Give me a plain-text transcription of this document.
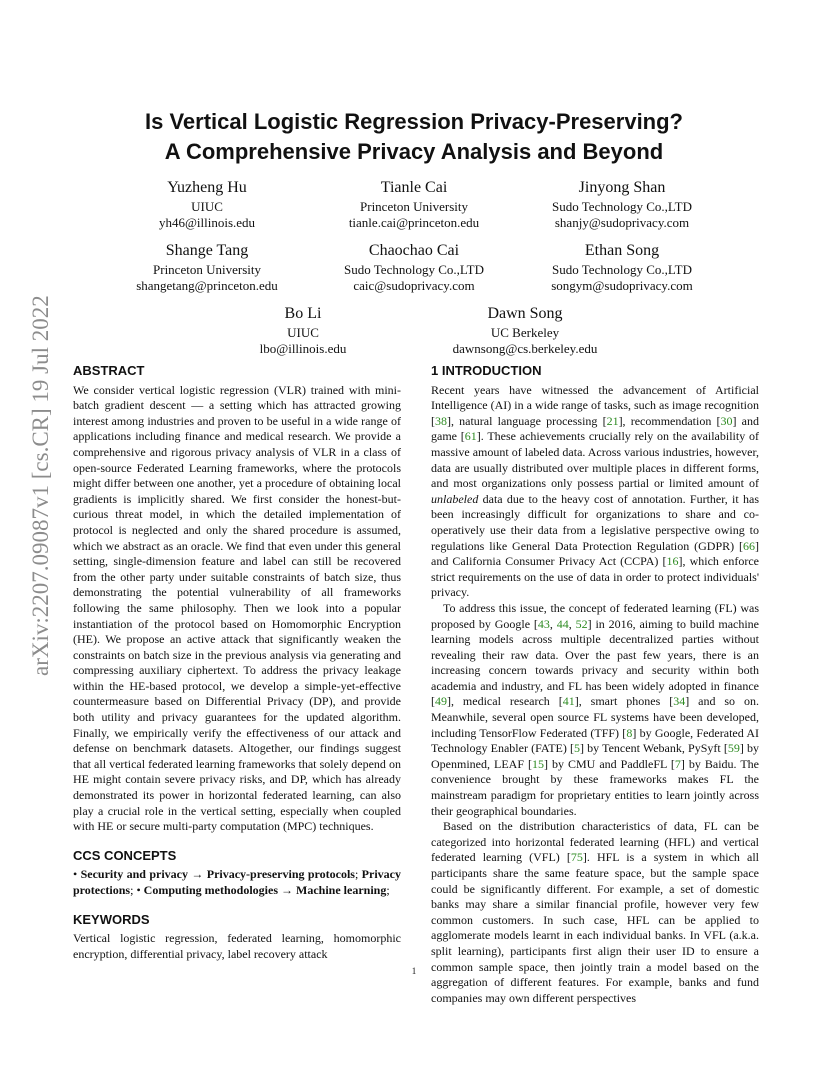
Is Vertical Logistic Regression Privacy-Preserving?
A Comprehensive Privacy Analysis and Beyond
arXiv:2207.09087v1 [cs.CR] 19 Jul 2022
Yuzheng Hu
UIUC
yh46@illinois.edu
Tianle Cai
Princeton University
tianle.cai@princeton.edu
Jinyong Shan
Sudo Technology Co.,LTD
shanjy@sudoprivacy.com
Shange Tang
Princeton University
shangetang@princeton.edu
Chaochao Cai
Sudo Technology Co.,LTD
caic@sudoprivacy.com
Ethan Song
Sudo Technology Co.,LTD
songym@sudoprivacy.com
Bo Li
UIUC
lbo@illinois.edu
Dawn Song
UC Berkeley
dawnsong@cs.berkeley.edu
ABSTRACT

We consider vertical logistic regression (VLR) trained with mini-batch gradient descent — a setting which has attracted growing interest among industries and proven to be useful in a wide range of applications including finance and medical research. We provide a comprehensive and rigorous privacy analysis of VLR in a class of open-source Federated Learning frameworks, where the protocols might differ between one another, yet a procedure of obtaining local gradients is implicitly shared. We first consider the honest-but-curious threat model, in which the detailed implementation of protocol is neglected and only the shared procedure is assumed, which we abstract as an oracle. We find that even under this general setting, single-dimension feature and label can still be recovered from the other party under suitable constraints of batch size, thus demonstrating the potential vulnerability of all frameworks following the same philosophy. Then we look into a popular instantiation of the protocol based on Homomorphic Encryption (HE). We propose an active attack that significantly weaken the constraints on batch size in the previous analysis via generating and compressing auxiliary ciphertext. To address the privacy leakage within the HE-based protocol, we develop a simple-yet-effective countermeasure based on Differential Privacy (DP), and provide both utility and privacy guarantees for the updated algorithm. Finally, we empirically verify the effectiveness of our attack and defense on benchmark datasets. Altogether, our findings suggest that all vertical federated learning frameworks that solely depend on HE might contain severe privacy risks, and DP, which has already demonstrated its power in horizontal federated learning, can also play a crucial role in the vertical setting, especially when coupled with HE or secure multi-party computation (MPC) techniques.

CCS CONCEPTS

• Security and privacy → Privacy-preserving protocols; Privacy protections; • Computing methodologies → Machine learning;

KEYWORDS

Vertical logistic regression, federated learning, homomorphic encryption, differential privacy, label recovery attack

1 INTRODUCTION

Recent years have witnessed the advancement of Artificial Intelligence (AI) in a wide range of tasks, such as image recognition [38], natural language processing [21], recommendation [30] and game [61]. These achievements crucially rely on the availability of massive amount of labeled data. Across various industries, however, data are usually distributed over multiple places in different forms, and most organizations only possess partial or limited amount of unlabeled data due to the heavy cost of annotation. Further, it has been increasingly difficult for organizations to share and co-operatively use their data from a legislative perspective owing to regulations like General Data Protection Regulation (GDPR) [66] and California Consumer Privacy Act (CCPA) [16], which enforce strict requirements on the use of data in order to protect individuals' privacy.

To address this issue, the concept of federated learning (FL) was proposed by Google [43, 44, 52] in 2016, aiming to build machine learning models across multiple decentralized parties without revealing their raw data. Over the past few years, there is an increasing concern towards privacy and security within both academia and industry, and FL has been widely adopted in finance [49], medical research [41], smart phones [34] and so on. Meanwhile, several open source FL systems have been developed, including TensorFlow Federated (TFF) [8] by Google, Federated AI Technology Enabler (FATE) [5] by Tencent Webank, PySyft [59] by Openmined, LEAF [15] by CMU and PaddleFL [7] by Baidu. The convenience brought by these frameworks makes FL the mainstream paradigm for proprietary entities to learn jointly across their geographical boundaries.

Based on the distribution characteristics of data, FL can be categorized into horizontal federated learning (HFL) and vertical federated learning (VFL) [75]. HFL is a system in which all participants share the same feature space, but the sample space could be significantly different. For example, a set of domestic banks may share a similar financial profile, however very few common customers. In such case, HFL can be applied to agglomerate models learnt in each individual banks. In VFL (a.k.a. split learning), participants first align their user ID to ensure a common sample space, then jointly train a model based on the aggregation of different features. For example, banks and fund companies may own different perspectives

1
